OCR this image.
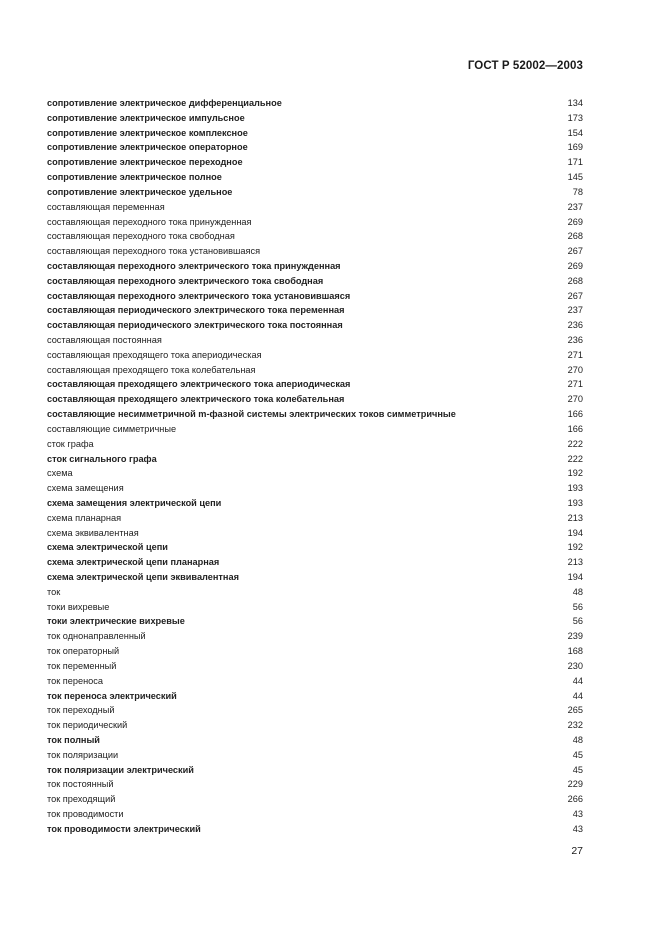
ГОСТ Р 52002—2003
сопротивление электрическое дифференциальное	134
сопротивление электрическое импульсное	173
сопротивление электрическое комплексное	154
сопротивление электрическое операторное	169
сопротивление электрическое переходное	171
сопротивление электрическое полное	145
сопротивление электрическое удельное	78
составляющая переменная	237
составляющая переходного тока принужденная	269
составляющая переходного тока свободная	268
составляющая переходного тока установившаяся	267
составляющая переходного электрического тока принужденная	269
составляющая переходного электрического тока свободная	268
составляющая переходного электрического тока установившаяся	267
составляющая периодического электрического тока переменная	237
составляющая периодического электрического тока постоянная	236
составляющая постоянная	236
составляющая преходящего тока апериодическая	271
составляющая преходящего тока колебательная	270
составляющая преходящего электрического тока апериодическая	271
составляющая преходящего электрического тока колебательная	270
составляющие несимметричной m-фазной системы электрических токов симметричные	166
составляющие симметричные	166
сток графа	222
сток сигнального графа	222
схема	192
схема замещения	193
схема замещения электрической цепи	193
схема планарная	213
схема эквивалентная	194
схема электрической цепи	192
схема электрической цепи планарная	213
схема электрической цепи эквивалентная	194
ток	48
токи вихревые	56
токи электрические вихревые	56
ток однонаправленный	239
ток операторный	168
ток переменный	230
ток переноса	44
ток переноса электрический	44
ток переходный	265
ток периодический	232
ток полный	48
ток поляризации	45
ток поляризации электрический	45
ток постоянный	229
ток преходящий	266
ток проводимости	43
ток проводимости электрический	43
27
